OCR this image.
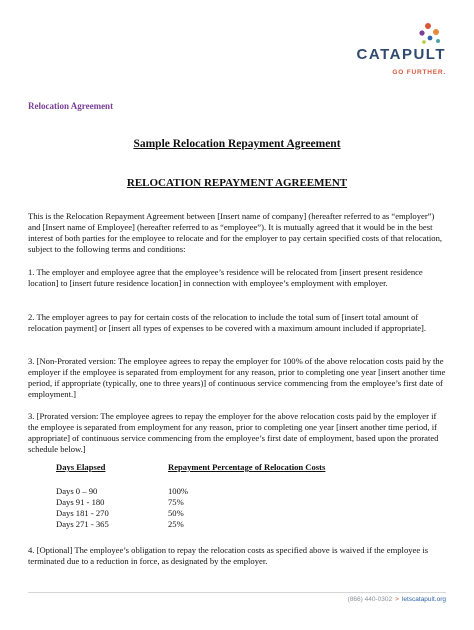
CATAPULT
GO FURTHER.
Relocation Agreement
Sample Relocation Repayment Agreement
RELOCATION REPAYMENT AGREEMENT

This is the Relocation Repayment Agreement between [Insert name of company] (hereafter referred to as “employer”) and [Insert name of Employee] (hereafter referred to as “employee”). It is mutually agreed that it would be in the best interest of both parties for the employee to relocate and for the employer to pay certain specified costs of that relocation, subject to the following terms and conditions:

1. The employer and employee agree that the employee’s residence will be relocated from [insert present residence location] to [insert future residence location] in connection with employee’s employment with employer.

2. The employer agrees to pay for certain costs of the relocation to include the total sum of [insert total amount of relocation payment] or [insert all types of expenses to be covered with a maximum amount included if appropriate].

3. [Non-Prorated version: The employee agrees to repay the employer for 100% of the above relocation costs paid by the employer if the employee is separated from employment for any reason, prior to completing one year [insert another time period, if appropriate (typically, one to three years)] of continuous service commencing from the employee’s first date of employment.]

3. [Prorated version: The employee agrees to repay the employer for the above relocation costs paid by the employer if the employee is separated from employment for any reason, prior to completing one year [insert another time period, if appropriate] of continuous service commencing from the employee’s first date of employment, based upon the prorated schedule below.]

Days Elapsed	Repayment Percentage of Relocation Costs
Days 0 – 90	100%
Days 91 - 180	75%
Days 181 - 270	50%
Days 271 - 365	25%

4. [Optional] The employee’s obligation to repay the relocation costs as specified above is waived if the employee is terminated due to a reduction in force, as designated by the employer.

(866) 440-0302 > letscatapult.org
